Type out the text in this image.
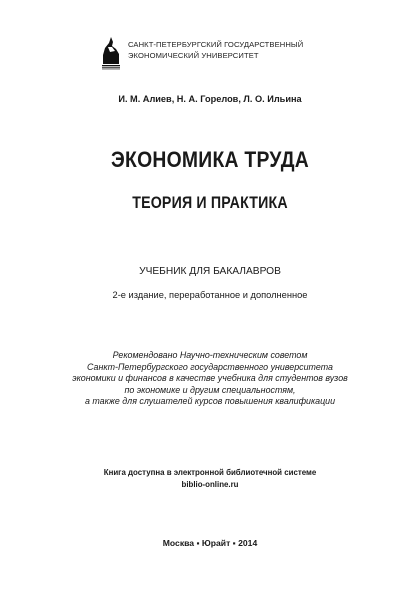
САНКТ-ПЕТЕРБУРГСКИЙ ГОСУДАРСТВЕННЫЙ
ЭКОНОМИЧЕСКИЙ УНИВЕРСИТЕТ
И. М. Алиев, Н. А. Горелов, Л. О. Ильина
ЭКОНОМИКА ТРУДА
ТЕОРИЯ И ПРАКТИКА
УЧЕБНИК ДЛЯ БАКАЛАВРОВ
2-е издание, переработанное и дополненное
Рекомендовано Научно-техническим советом
Санкт-Петербургского государственного университета
экономики и финансов в качестве учебника для студентов вузов
по экономике и другим специальностям,
а также для слушателей курсов повышения квалификации
Книга доступна в электронной библиотечной системе
biblio-online.ru
Москва ▪ Юрайт ▪ 2014
